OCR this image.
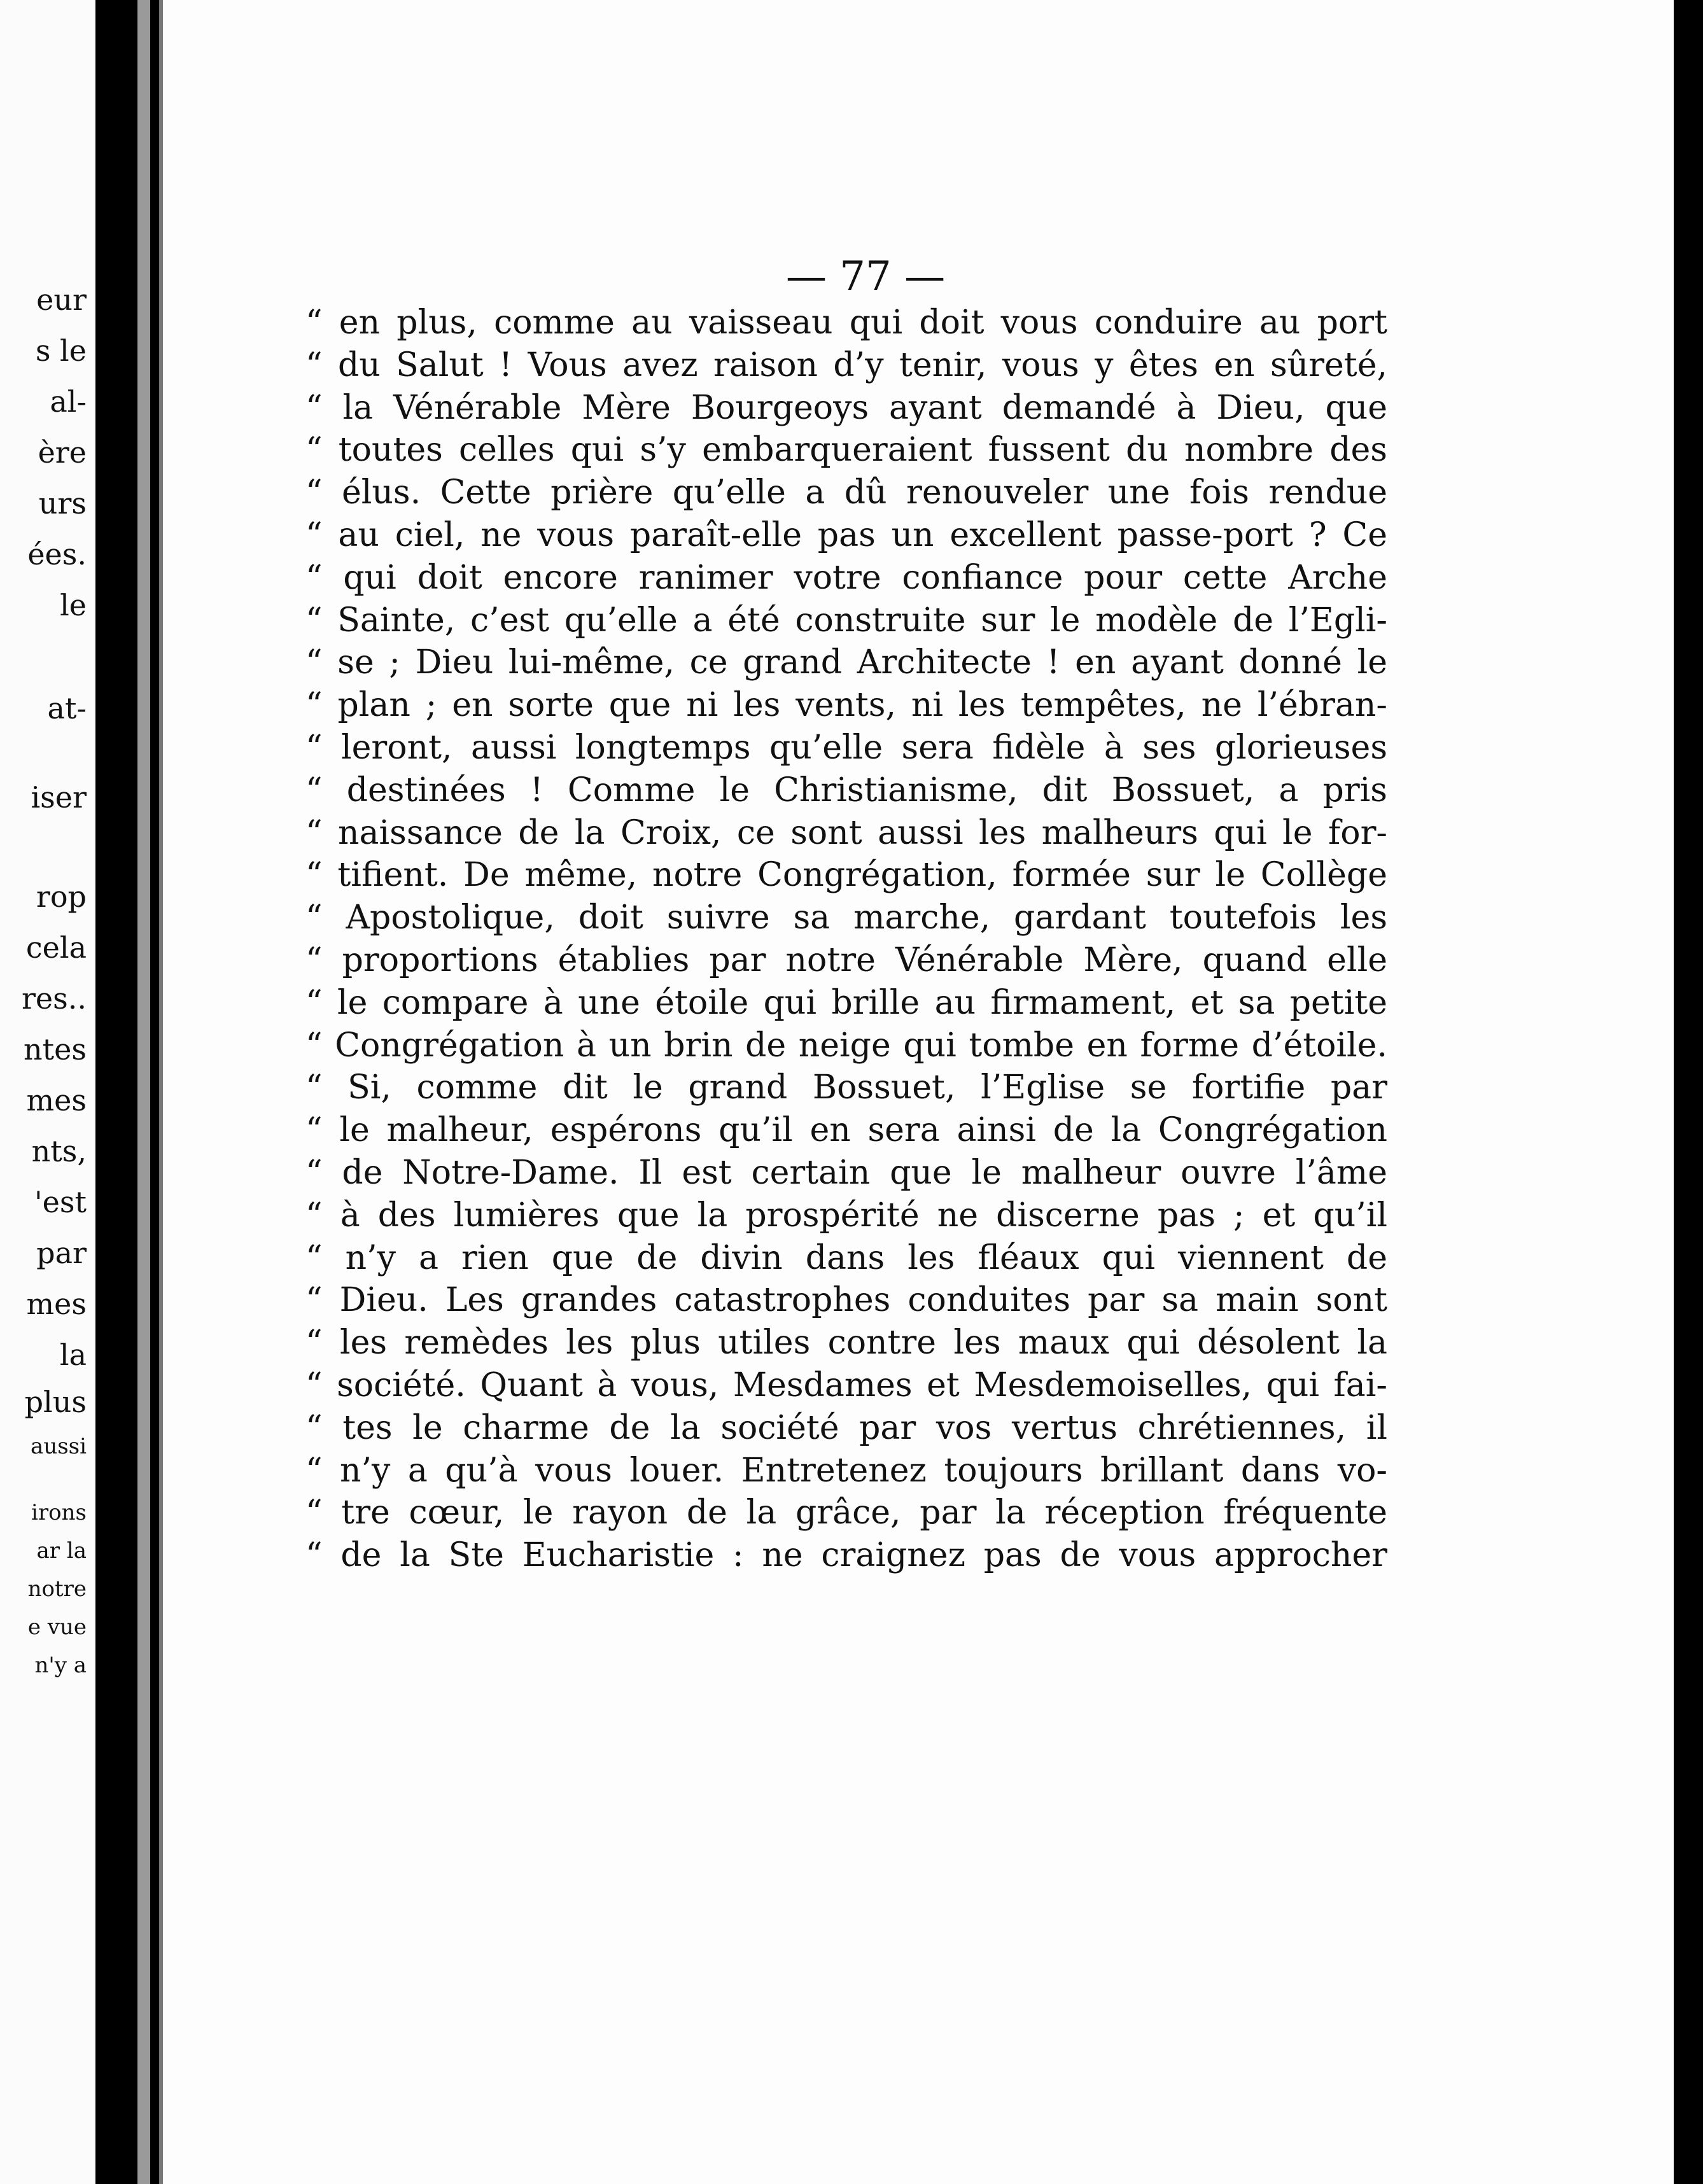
eur
s le
al-
ère
urs
ées.
le
at-
iser
rop
cela
res..
ntes
mes
nts,
'est
par
mes
la
plus
aussi
irons
ar la
notre
e vue
n'y a
— 77 —
“ en plus, comme au vaisseau qui doit vous conduire au port
“ du Salut ! Vous avez raison d’y tenir, vous y êtes en sûreté,
“ la Vénérable Mère Bourgeoys ayant demandé à Dieu, que
“ toutes celles qui s’y embarqueraient fussent du nombre des
“ élus. Cette prière qu’elle a dû renouveler une fois rendue
“ au ciel, ne vous paraît-elle pas un excellent passe-port ? Ce
“ qui doit encore ranimer votre confiance pour cette Arche
“ Sainte, c’est qu’elle a été construite sur le modèle de l’Egli-
“ se ; Dieu lui-même, ce grand Architecte ! en ayant donné le
“ plan ; en sorte que ni les vents, ni les tempêtes, ne l’ébran-
“ leront, aussi longtemps qu’elle sera fidèle à ses glorieuses
“ destinées ! Comme le Christianisme, dit Bossuet, a pris
“ naissance de la Croix, ce sont aussi les malheurs qui le for-
“ tifient. De même, notre Congrégation, formée sur le Collège
“ Apostolique, doit suivre sa marche, gardant toutefois les
“ proportions établies par notre Vénérable Mère, quand elle
“ le compare à une étoile qui brille au firmament, et sa petite
“ Congrégation à un brin de neige qui tombe en forme d’étoile.
“ Si, comme dit le grand Bossuet, l’Eglise se fortifie par
“ le malheur, espérons qu’il en sera ainsi de la Congrégation
“ de Notre-Dame. Il est certain que le malheur ouvre l’âme
“ à des lumières que la prospérité ne discerne pas ; et qu’il
“ n’y a rien que de divin dans les fléaux qui viennent de
“ Dieu. Les grandes catastrophes conduites par sa main sont
“ les remèdes les plus utiles contre les maux qui désolent la
“ société. Quant à vous, Mesdames et Mesdemoiselles, qui fai-
“ tes le charme de la société par vos vertus chrétiennes, il
“ n’y a qu’à vous louer. Entretenez toujours brillant dans vo-
“ tre cœur, le rayon de la grâce, par la réception fréquente
“ de la Ste Eucharistie : ne craignez pas de vous approcher
